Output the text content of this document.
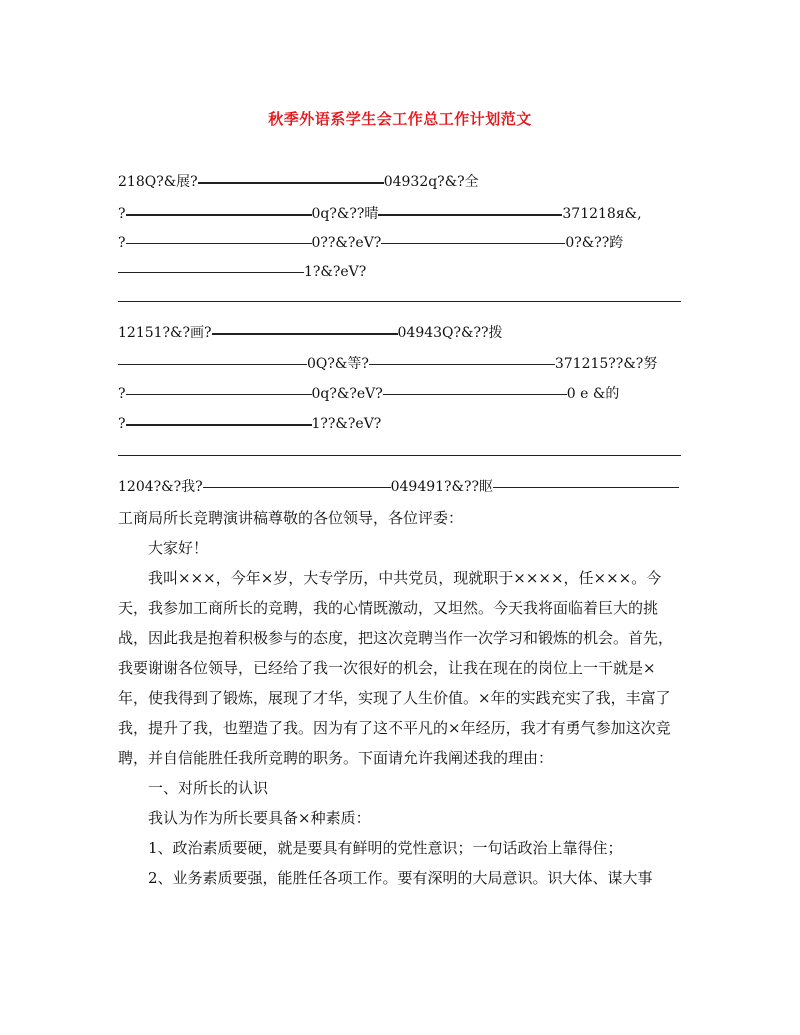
秋季外语系学生会工作总工作计划范文
218Q?&展?	04932q?&?全
?	0q?&??晴	371218я&,
?	0??&?eV?	0?&??跨
1?&?eV?
12151?&?画?	04943Q?&??拨
0Q?&等?	371215??&?努
?	0q?&?eV?	0 е &的
?	1??&?eV?
1204?&?我?	049491?&??眍

工商局所长竞聘演讲稿尊敬的各位领导，各位评委：

大家好！

我叫×××，今年×岁，大专学历，中共党员，现就职于××××，任×××。今天，我参加工商所长的竞聘，我的心情既激动，又坦然。今天我将面临着巨大的挑战，因此我是抱着积极参与的态度，把这次竞聘当作一次学习和锻炼的机会。首先，我要谢谢各位领导，已经给了我一次很好的机会，让我在现在的岗位上一干就是×年，使我得到了锻炼，展现了才华，实现了人生价值。×年的实践充实了我，丰富了我，提升了我，也塑造了我。因为有了这不平凡的×年经历，我才有勇气参加这次竞聘，并自信能胜任我所竞聘的职务。下面请允许我阐述我的理由：

一、对所长的认识

我认为作为所长要具备×种素质：

1、政治素质要硬，就是要具有鲜明的党性意识；一句话政治上靠得住；

2、业务素质要强，能胜任各项工作。要有深明的大局意识。识大体、谋大事
